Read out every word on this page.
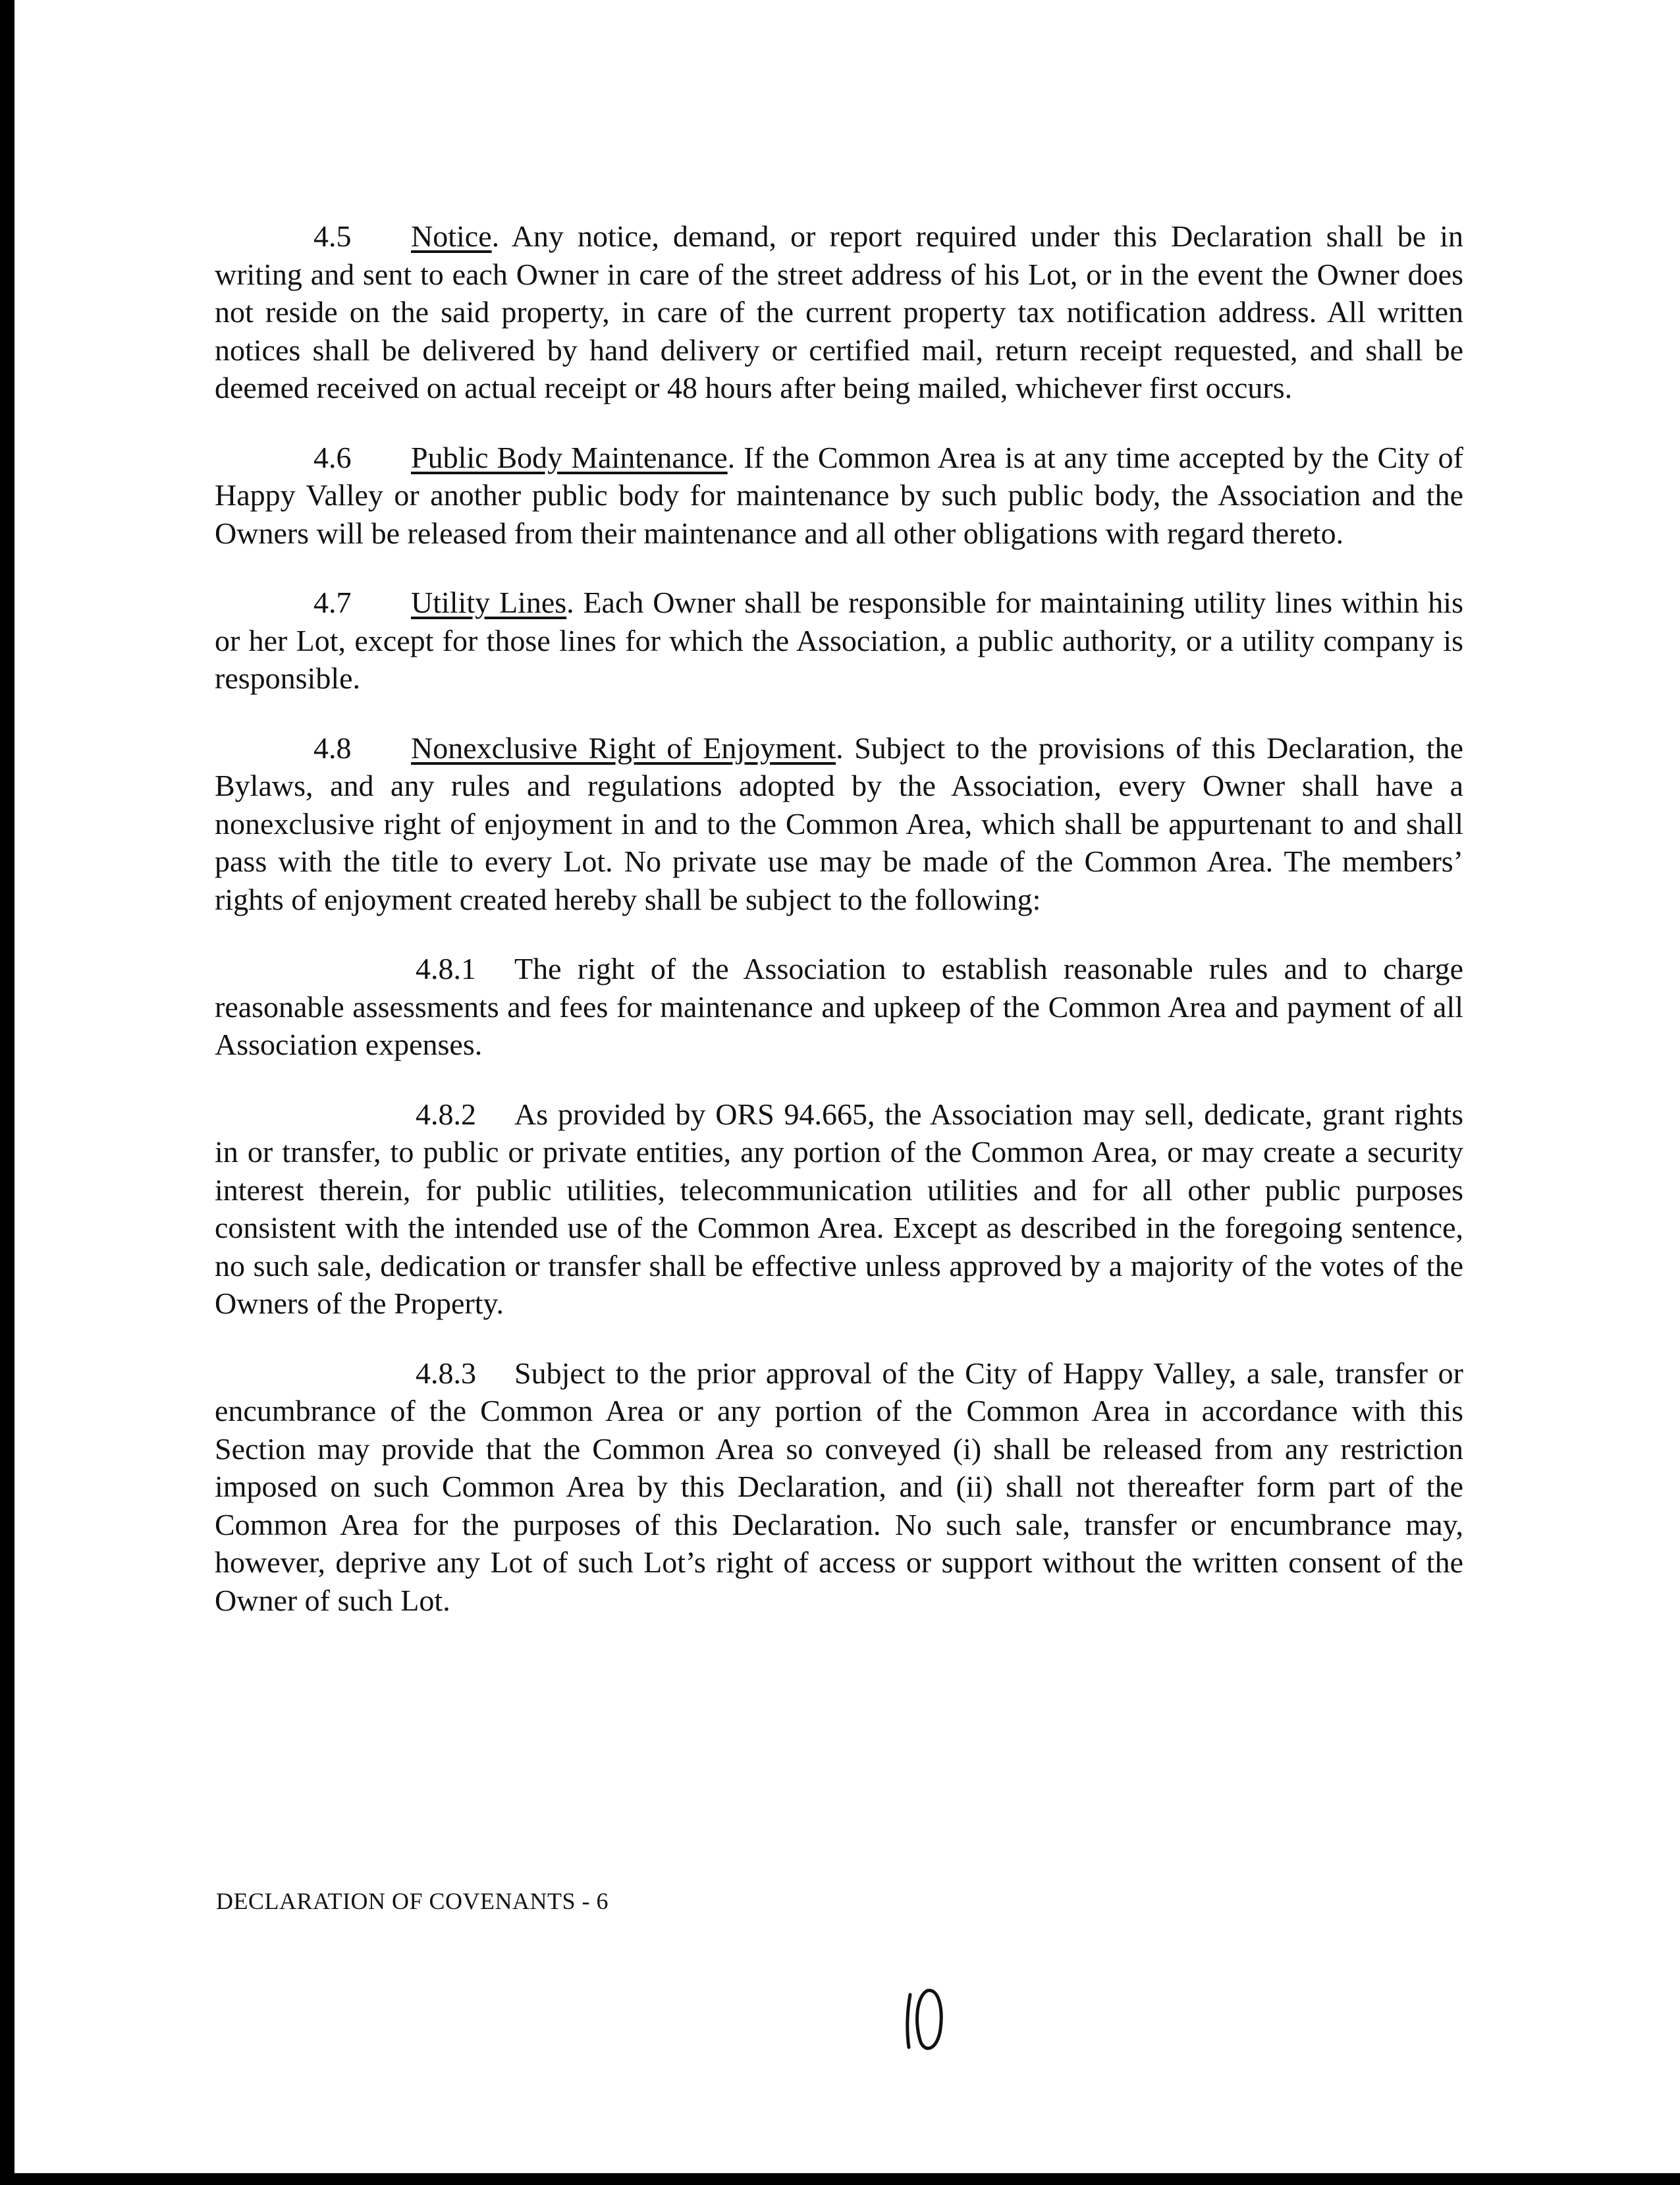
4.5 Notice. Any notice, demand, or report required under this Declaration shall be in writing and sent to each Owner in care of the street address of his Lot, or in the event the Owner does not reside on the said property, in care of the current property tax notification address. All written notices shall be delivered by hand delivery or certified mail, return receipt requested, and shall be deemed received on actual receipt or 48 hours after being mailed, whichever first occurs.

4.6 Public Body Maintenance. If the Common Area is at any time accepted by the City of Happy Valley or another public body for maintenance by such public body, the Association and the Owners will be released from their maintenance and all other obligations with regard thereto.

4.7 Utility Lines. Each Owner shall be responsible for maintaining utility lines within his or her Lot, except for those lines for which the Association, a public authority, or a utility company is responsible.

4.8 Nonexclusive Right of Enjoyment. Subject to the provisions of this Declaration, the Bylaws, and any rules and regulations adopted by the Association, every Owner shall have a nonexclusive right of enjoyment in and to the Common Area, which shall be appurtenant to and shall pass with the title to every Lot. No private use may be made of the Common Area. The members’ rights of enjoyment created hereby shall be subject to the following:

4.8.1 The right of the Association to establish reasonable rules and to charge reasonable assessments and fees for maintenance and upkeep of the Common Area and payment of all Association expenses.

4.8.2 As provided by ORS 94.665, the Association may sell, dedicate, grant rights in or transfer, to public or private entities, any portion of the Common Area, or may create a security interest therein, for public utilities, telecommunication utilities and for all other public purposes consistent with the intended use of the Common Area. Except as described in the foregoing sentence, no such sale, dedication or transfer shall be effective unless approved by a majority of the votes of the Owners of the Property.

4.8.3 Subject to the prior approval of the City of Happy Valley, a sale, transfer or encumbrance of the Common Area or any portion of the Common Area in accordance with this Section may provide that the Common Area so conveyed (i) shall be released from any restriction imposed on such Common Area by this Declaration, and (ii) shall not thereafter form part of the Common Area for the purposes of this Declaration. No such sale, transfer or encumbrance may, however, deprive any Lot of such Lot’s right of access or support without the written consent of the Owner of such Lot.

DECLARATION OF COVENANTS - 6
